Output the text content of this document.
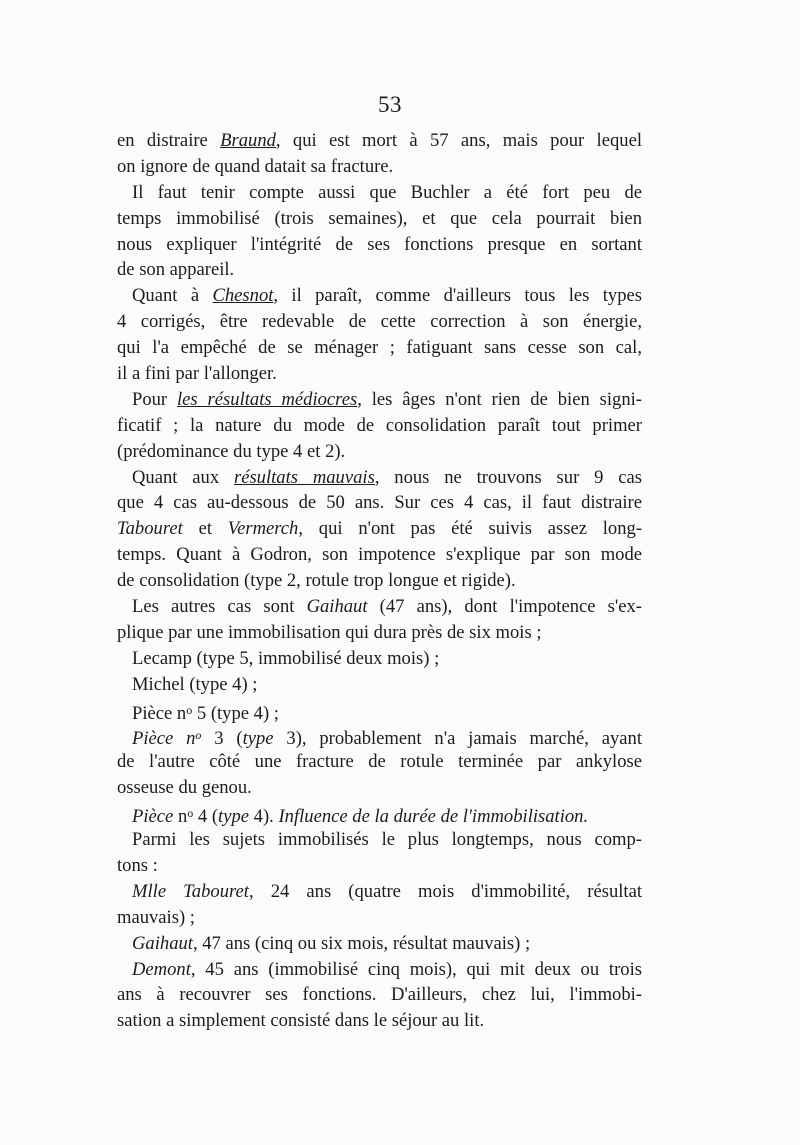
53
en distraire Braund, qui est mort à 57 ans, mais pour lequel
on ignore de quand datait sa fracture.
Il faut tenir compte aussi que Buchler a été fort peu de
temps immobilisé (trois semaines), et que cela pourrait bien
nous expliquer l'intégrité de ses fonctions presque en sortant
de son appareil.
Quant à Chesnot, il paraît, comme d'ailleurs tous les types
4 corrigés, être redevable de cette correction à son énergie,
qui l'a empêché de se ménager ; fatiguant sans cesse son cal,
il a fini par l'allonger.
Pour les résultats médiocres, les âges n'ont rien de bien signi-
ficatif ; la nature du mode de consolidation paraît tout primer
(prédominance du type 4 et 2).
Quant aux résultats mauvais, nous ne trouvons sur 9 cas
que 4 cas au-dessous de 50 ans. Sur ces 4 cas, il faut distraire
Tabouret et Vermerch, qui n'ont pas été suivis assez long-
temps. Quant à Godron, son impotence s'explique par son mode
de consolidation (type 2, rotule trop longue et rigide).
Les autres cas sont Gaihaut (47 ans), dont l'impotence s'ex-
plique par une immobilisation qui dura près de six mois ;
Lecamp (type 5, immobilisé deux mois) ;
Michel (type 4) ;
Pièce $n^o$ 5 (type 4) ;
Pièce $n^o$ 3 (type 3), probablement n'a jamais marché, ayant
de l'autre côté une fracture de rotule terminée par ankylose
osseuse du genou.
Pièce $n^o$ 4 (type 4). Influence de la durée de l'immobilisation.
Parmi les sujets immobilisés le plus longtemps, nous comp-
tons :
Mlle Tabouret, 24 ans (quatre mois d'immobilité, résultat
mauvais) ;
Gaihaut, 47 ans (cinq ou six mois, résultat mauvais) ;
Demont, 45 ans (immobilisé cinq mois), qui mit deux ou trois
ans à recouvrer ses fonctions. D'ailleurs, chez lui, l'immobi-
sation a simplement consisté dans le séjour au lit.
